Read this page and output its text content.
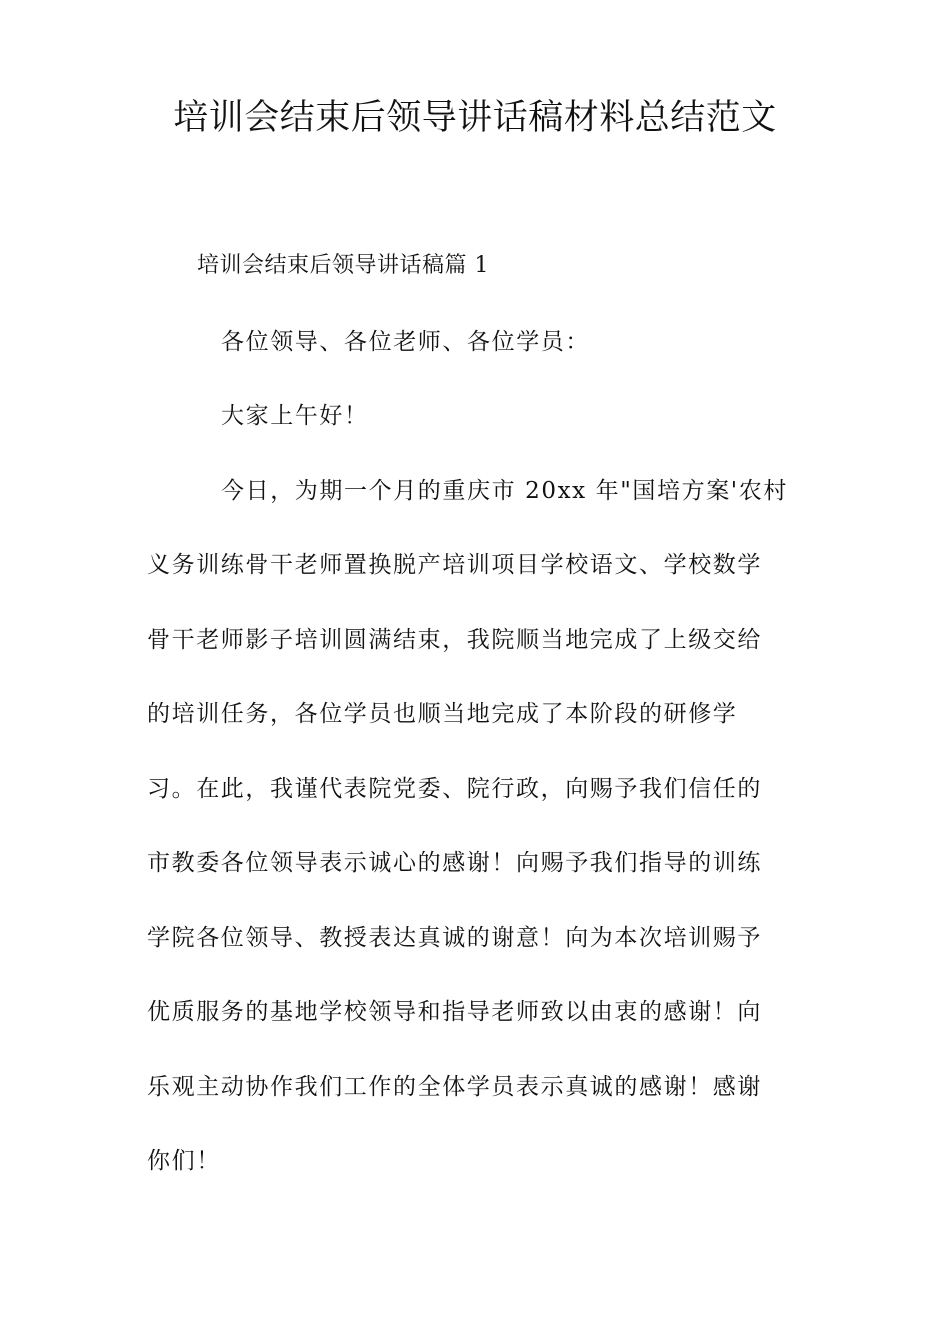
培训会结束后领导讲话稿材料总结范文

培训会结束后领导讲话稿篇 1

各位领导、各位老师、各位学员：

大家上午好！

今日，为期一个月的重庆市 20xx 年"国培方案'农村

义务训练骨干老师置换脱产培训项目学校语文、学校数学

骨干老师影子培训圆满结束，我院顺当地完成了上级交给

的培训任务，各位学员也顺当地完成了本阶段的研修学

习。在此，我谨代表院党委、院行政，向赐予我们信任的

市教委各位领导表示诚心的感谢！向赐予我们指导的训练

学院各位领导、教授表达真诚的谢意！向为本次培训赐予

优质服务的基地学校领导和指导老师致以由衷的感谢！向

乐观主动协作我们工作的全体学员表示真诚的感谢！感谢

你们！
